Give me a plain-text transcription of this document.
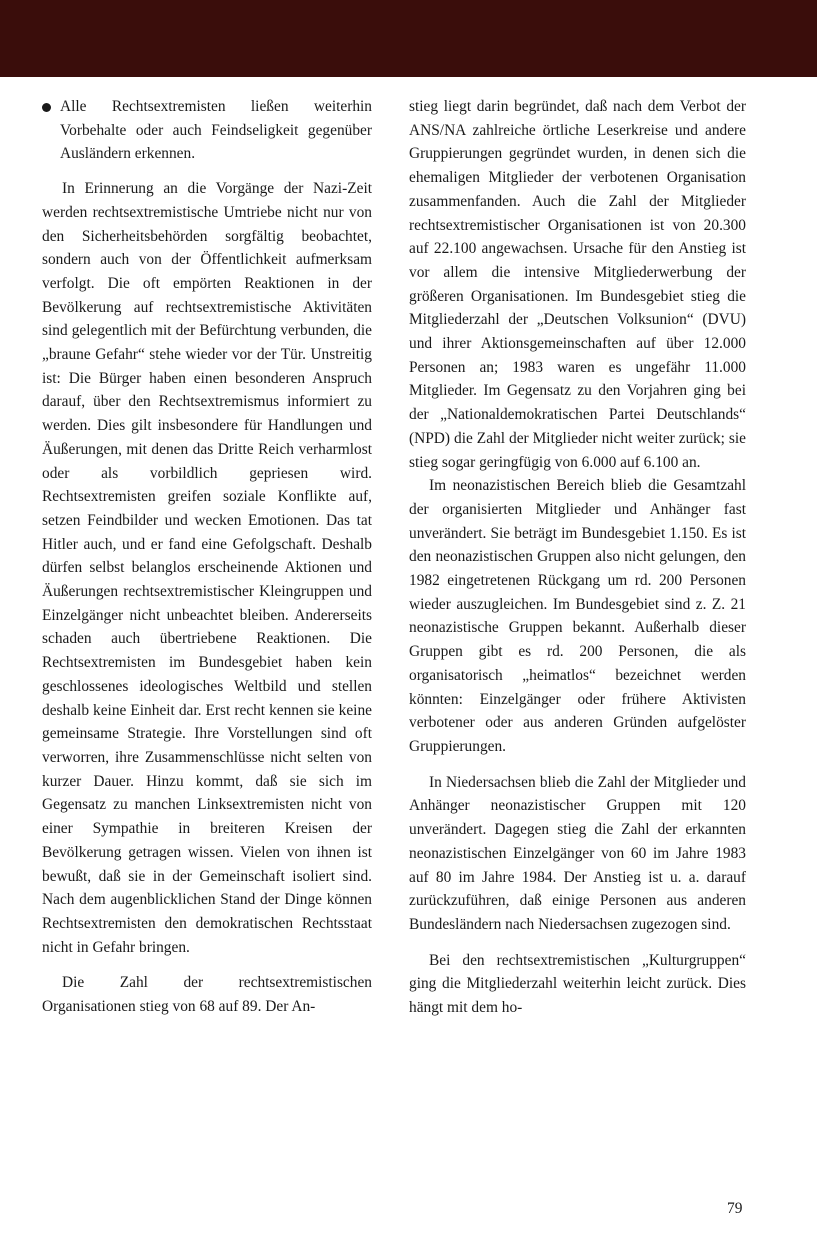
Alle Rechtsextremisten ließen weiterhin Vorbehalte oder auch Feindseligkeit gegenüber Ausländern erkennen.

In Erinnerung an die Vorgänge der Nazi-Zeit werden rechtsextremistische Umtriebe nicht nur von den Sicherheitsbehörden sorgfältig beobachtet, sondern auch von der Öffentlichkeit aufmerksam verfolgt. Die oft empörten Reaktionen in der Bevölkerung auf rechtsextremistische Aktivitäten sind gelegentlich mit der Befürchtung verbunden, die „braune Gefahr“ stehe wieder vor der Tür. Unstreitig ist: Die Bürger haben einen besonderen Anspruch darauf, über den Rechtsextremismus informiert zu werden. Dies gilt insbesondere für Handlungen und Äußerungen, mit denen das Dritte Reich verharmlost oder als vorbildlich gepriesen wird. Rechtsextremisten greifen soziale Konflikte auf, setzen Feindbilder und wecken Emotionen. Das tat Hitler auch, und er fand eine Gefolgschaft. Deshalb dürfen selbst belanglos erscheinende Aktionen und Äußerungen rechtsextremistischer Kleingruppen und Einzelgänger nicht unbeachtet bleiben. Andererseits schaden auch übertriebene Reaktionen. Die Rechtsextremisten im Bundesgebiet haben kein geschlossenes ideologisches Weltbild und stellen deshalb keine Einheit dar. Erst recht kennen sie keine gemeinsame Strategie. Ihre Vorstellungen sind oft verworren, ihre Zusammenschlüsse nicht selten von kurzer Dauer. Hinzu kommt, daß sie sich im Gegensatz zu manchen Linksextremisten nicht von einer Sympathie in breiteren Kreisen der Bevölkerung getragen wissen. Vielen von ihnen ist bewußt, daß sie in der Gemeinschaft isoliert sind. Nach dem augenblicklichen Stand der Dinge können Rechtsextremisten den demokratischen Rechtsstaat nicht in Gefahr bringen.

Die Zahl der rechtsextremistischen Organisationen stieg von 68 auf 89. Der An-

stieg liegt darin begründet, daß nach dem Verbot der ANS/NA zahlreiche örtliche Leserkreise und andere Gruppierungen gegründet wurden, in denen sich die ehemaligen Mitglieder der verbotenen Organisation zusammenfanden. Auch die Zahl der Mitglieder rechtsextremistischer Organisationen ist von 20.300 auf 22.100 angewachsen. Ursache für den Anstieg ist vor allem die intensive Mitgliederwerbung der größeren Organisationen. Im Bundesgebiet stieg die Mitgliederzahl der „Deutschen Volksunion“ (DVU) und ihrer Aktionsgemeinschaften auf über 12.000 Personen an; 1983 waren es ungefähr 11.000 Mitglieder. Im Gegensatz zu den Vorjahren ging bei der „Nationaldemokratischen Partei Deutschlands“ (NPD) die Zahl der Mitglieder nicht weiter zurück; sie stieg sogar geringfügig von 6.000 auf 6.100 an.

Im neonazistischen Bereich blieb die Gesamtzahl der organisierten Mitglieder und Anhänger fast unverändert. Sie beträgt im Bundesgebiet 1.150. Es ist den neonazistischen Gruppen also nicht gelungen, den 1982 eingetretenen Rückgang um rd. 200 Personen wieder auszugleichen. Im Bundesgebiet sind z. Z. 21 neonazistische Gruppen bekannt. Außerhalb dieser Gruppen gibt es rd. 200 Personen, die als organisatorisch „heimatlos“ bezeichnet werden könnten: Einzelgänger oder frühere Aktivisten verbotener oder aus anderen Gründen aufgelöster Gruppierungen.

In Niedersachsen blieb die Zahl der Mitglieder und Anhänger neonazistischer Gruppen mit 120 unverändert. Dagegen stieg die Zahl der erkannten neonazistischen Einzelgänger von 60 im Jahre 1983 auf 80 im Jahre 1984. Der Anstieg ist u. a. darauf zurückzuführen, daß einige Personen aus anderen Bundesländern nach Niedersachsen zugezogen sind.

Bei den rechtsextremistischen „Kulturgruppen“ ging die Mitgliederzahl weiterhin leicht zurück. Dies hängt mit dem ho-

79
